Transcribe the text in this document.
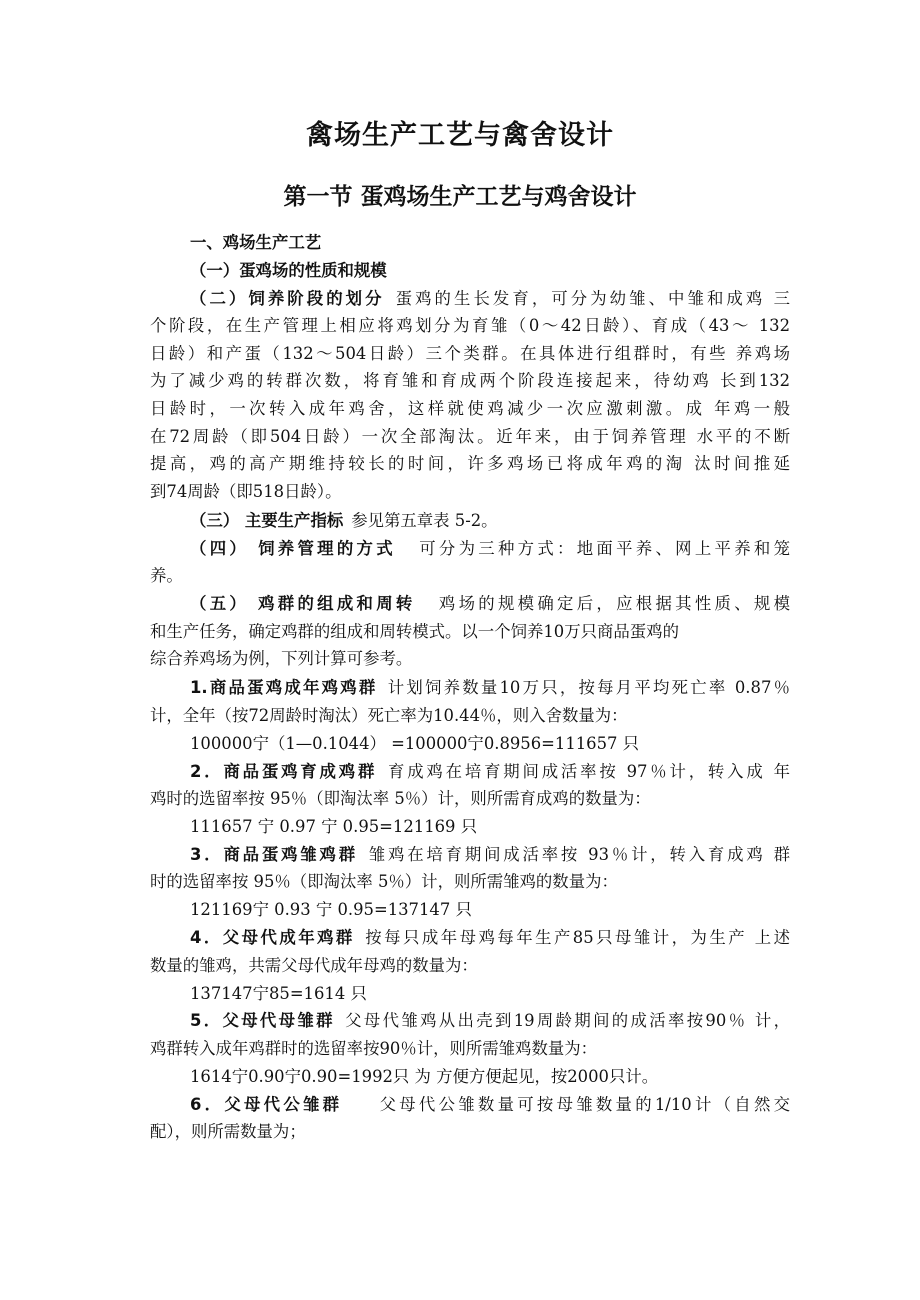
禽场生产工艺与禽舍设计
第一节 蛋鸡场生产工艺与鸡舍设计
一、鸡场生产工艺
（一）蛋鸡场的性质和规模
（二）饲养阶段的划分 蛋鸡的生长发育，可分为幼雏、中雏和成鸡 三
个阶段，在生产管理上相应将鸡划分为育雏（0～42日龄）、育成（43～ 132
日龄）和产蛋（132～504日龄）三个类群。在具体进行组群时，有些 养鸡场
为了减少鸡的转群次数，将育雏和育成两个阶段连接起来，待幼鸡 长到132
日龄时，一次转入成年鸡舍，这样就使鸡减少一次应激刺激。成 年鸡一般
在72周龄（即504日龄）一次全部淘汰。近年来，由于饲养管理 水平的不断
提高，鸡的高产期维持较长的时间，许多鸡场已将成年鸡的淘 汰时间推延
到74周龄（即518日龄）。
（三） 主要生产指标 参见第五章表 5-2。
（四） 饲养管理的方式 可分为三种方式：地面平养、网上平养和笼
养。
（五） 鸡群的组成和周转 鸡场的规模确定后，应根据其性质、规模
和生产任务，确定鸡群的组成和周转模式。以一个饲养10万只商品蛋鸡的
综合养鸡场为例，下列计算可参考。
1.商品蛋鸡成年鸡鸡群 计划饲养数量10万只，按每月平均死亡率 0.87％
计，全年（按72周龄时淘汰）死亡率为10.44％，则入舍数量为：
100000宁（1—0.1044） =100000宁0.8956=111657 只
2．商品蛋鸡育成鸡群 育成鸡在培育期间成活率按 97％计，转入成 年
鸡时的选留率按 95％（即淘汰率 5％）计，则所需育成鸡的数量为：
111657 宁 0.97 宁 0.95=121169 只
3．商品蛋鸡雏鸡群 雏鸡在培育期间成活率按 93％计，转入育成鸡 群
时的选留率按 95％（即淘汰率 5％）计，则所需雏鸡的数量为：
121169宁 0.93 宁 0.95=137147 只
4．父母代成年鸡群 按每只成年母鸡每年生产85只母雏计，为生产 上述
数量的雏鸡，共需父母代成年母鸡的数量为：
137147宁85=1614 只
5．父母代母雏群 父母代雏鸡从出壳到19周龄期间的成活率按90％ 计，
鸡群转入成年鸡群时的选留率按90％计，则所需雏鸡数量为：
1614宁0.90宁0.90=1992只 为 方便方便起见，按2000只计。
6．父母代公雏群 父母代公雏数量可按母雏数量的1/10计（自然交
配），则所需数量为；
